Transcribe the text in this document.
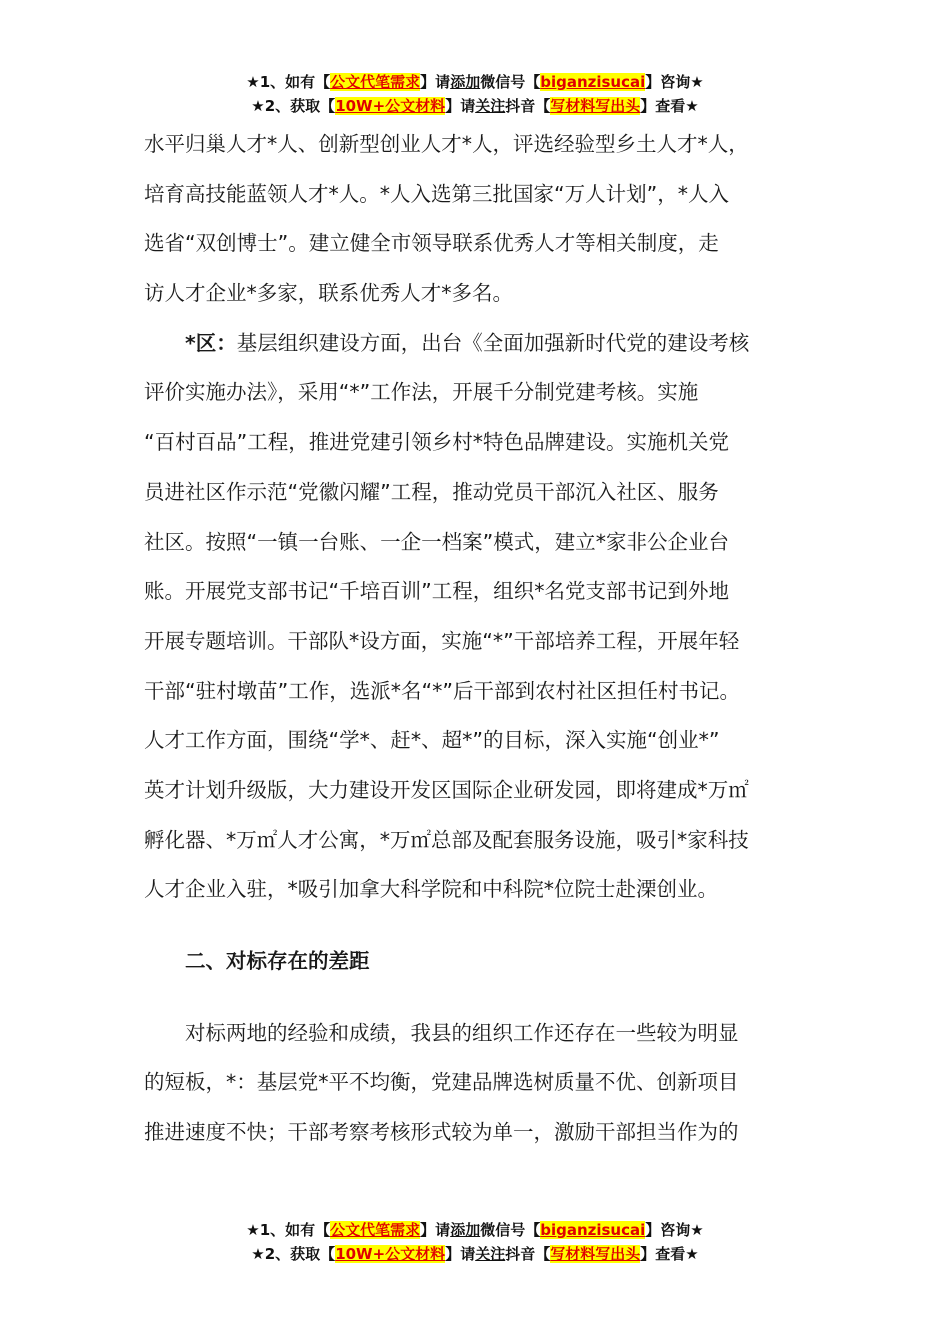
★1、如有【公文代笔需求】请添加微信号【biganzisucai】咨询★
★2、获取【10W+公文材料】请关注抖音【写材料写出头】查看★
水平归巢人才*人、创新型创业人才*人，评选经验型乡土人才*人，
培育高技能蓝领人才*人。*人入选第三批国家“万人计划”，*人入
选省“双创博士”。建立健全市领导联系优秀人才等相关制度，走
访人才企业*多家，联系优秀人才*多名。
*区：基层组织建设方面，出台《全面加强新时代党的建设考核
评价实施办法》，采用“*”工作法，开展千分制党建考核。实施
“百村百品”工程，推进党建引领乡村*特色品牌建设。实施机关党
员进社区作示范“党徽闪耀”工程，推动党员干部沉入社区、服务
社区。按照“一镇一台账、一企一档案”模式，建立*家非公企业台
账。开展党支部书记“千培百训”工程，组织*名党支部书记到外地
开展专题培训。干部队*设方面，实施“*”干部培养工程，开展年轻
干部“驻村墩苗”工作，选派*名“*”后干部到农村社区担任村书记。
人才工作方面，围绕“学*、赶*、超*”的目标，深入实施“创业*”
英才计划升级版，大力建设开发区国际企业研发园，即将建成*万㎡
孵化器、*万㎡人才公寓，*万㎡总部及配套服务设施，吸引*家科技
人才企业入驻，*吸引加拿大科学院和中科院*位院士赴溧创业。
二、对标存在的差距
对标两地的经验和成绩，我县的组织工作还存在一些较为明显
的短板，*：基层党*平不均衡，党建品牌选树质量不优、创新项目
推进速度不快；干部考察考核形式较为单一，激励干部担当作为的
★1、如有【公文代笔需求】请添加微信号【biganzisucai】咨询★
★2、获取【10W+公文材料】请关注抖音【写材料写出头】查看★
